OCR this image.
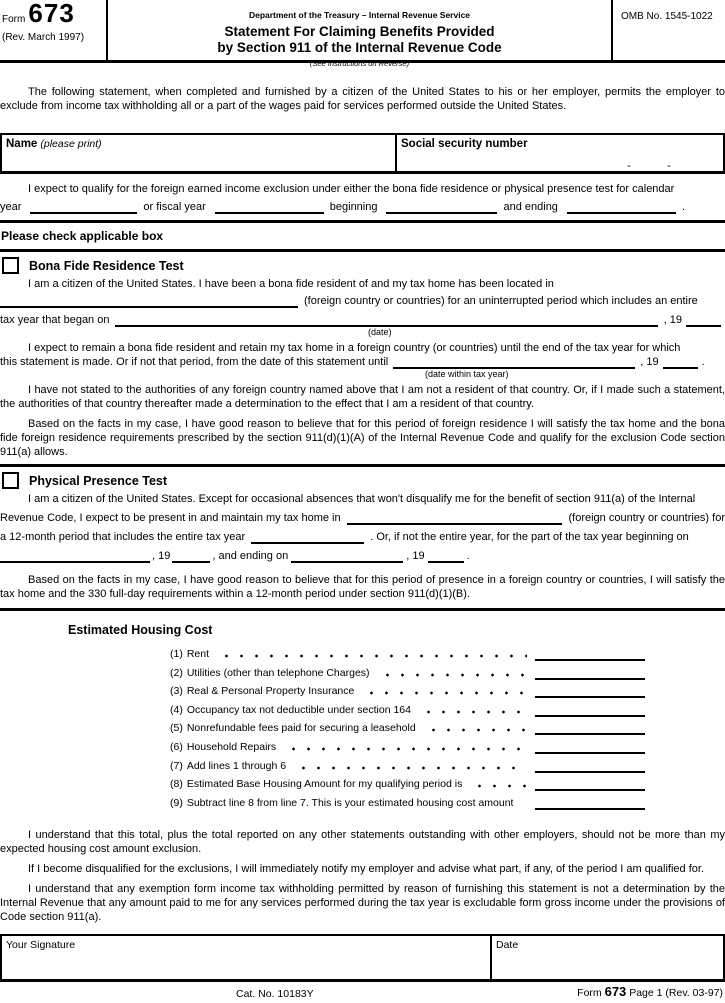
Form 673
(Rev. March 1997)
Department of the Treasury – Internal Revenue Service
Statement For Claiming Benefits Provided
by Section 911 of the Internal Revenue Code
(See Instructions on Reverse)
OMB No. 1545-1022

The following statement, when completed and furnished by a citizen of the United States to his or her employer, permits the employer to exclude from income tax withholding all or a part of the wages paid for services performed outside the United States.

Name (please print)	Social security number
-	-
I expect to qualify for the foreign earned income exclusion under either the bona fide residence or physical presence test for calendar
year	or fiscal year	beginning	and ending	.
Please check applicable box
Bona Fide Residence Test
I am a citizen of the United States. I have been a bona fide resident of and my tax home has been located in
(foreign country or countries) for an uninterrupted period which includes an entire
tax year that began on	, 19
(date)
I expect to remain a bona fide resident and retain my tax home in a foreign country (or countries) until the end of the tax year for which
this statement is made. Or if not that period, from the date of this statement until	, 19	.
(date within tax year)

I have not stated to the authorities of any foreign country named above that I am not a resident of that country. Or, if I made such a statement, the authorities of that country thereafter made a determination to the effect that I am a resident of that country.

Based on the facts in my case, I have good reason to believe that for this period of foreign residence I will satisfy the tax home and the bona fide foreign residence requirements prescribed by the section 911(d)(1)(A) of the Internal Revenue Code and qualify for the exclusion Code section 911(a) allows.

Physical Presence Test
I am a citizen of the United States. Except for occasional absences that won't disqualify me for the benefit of section 911(a) of the Internal
Revenue Code, I expect to be present in and maintain my tax home in	(foreign country or countries) for
a 12-month period that includes the entire tax year	. Or, if not the entire year, for the part of the tax year beginning on
, 19	, and ending on	, 19	.

Based on the facts in my case, I have good reason to believe that for this period of presence in a foreign country or countries, I will satisfy the tax home and the 330 full-day requirements within a 12-month period under section 911(d)(1)(B).

Estimated Housing Cost
(1) Rent
(2) Utilities (other than telephone Charges)
(3) Real & Personal Property Insurance
(4) Occupancy tax not deductible under section 164
(5) Nonrefundable fees paid for securing a leasehold
(6) Household Repairs
(7) Add lines 1 through 6
(8) Estimated Base Housing Amount for my qualifying period is
(9) Subtract line 8 from line 7. This is your estimated housing cost amount

I understand that this total, plus the total reported on any other statements outstanding with other employers, should not be more than my expected housing cost amount exclusion.

If I become disqualified for the exclusions, I will immediately notify my employer and advise what part, if any, of the period I am qualified for.

I understand that any exemption form income tax withholding permitted by reason of furnishing this statement is not a determination by the Internal Revenue that any amount paid to me for any services performed during the tax year is excludable form gross income under the provisions of Code section 911(a).

Your Signature	Date
Cat. No. 10183Y	Form 673 Page 1 (Rev. 03-97)
